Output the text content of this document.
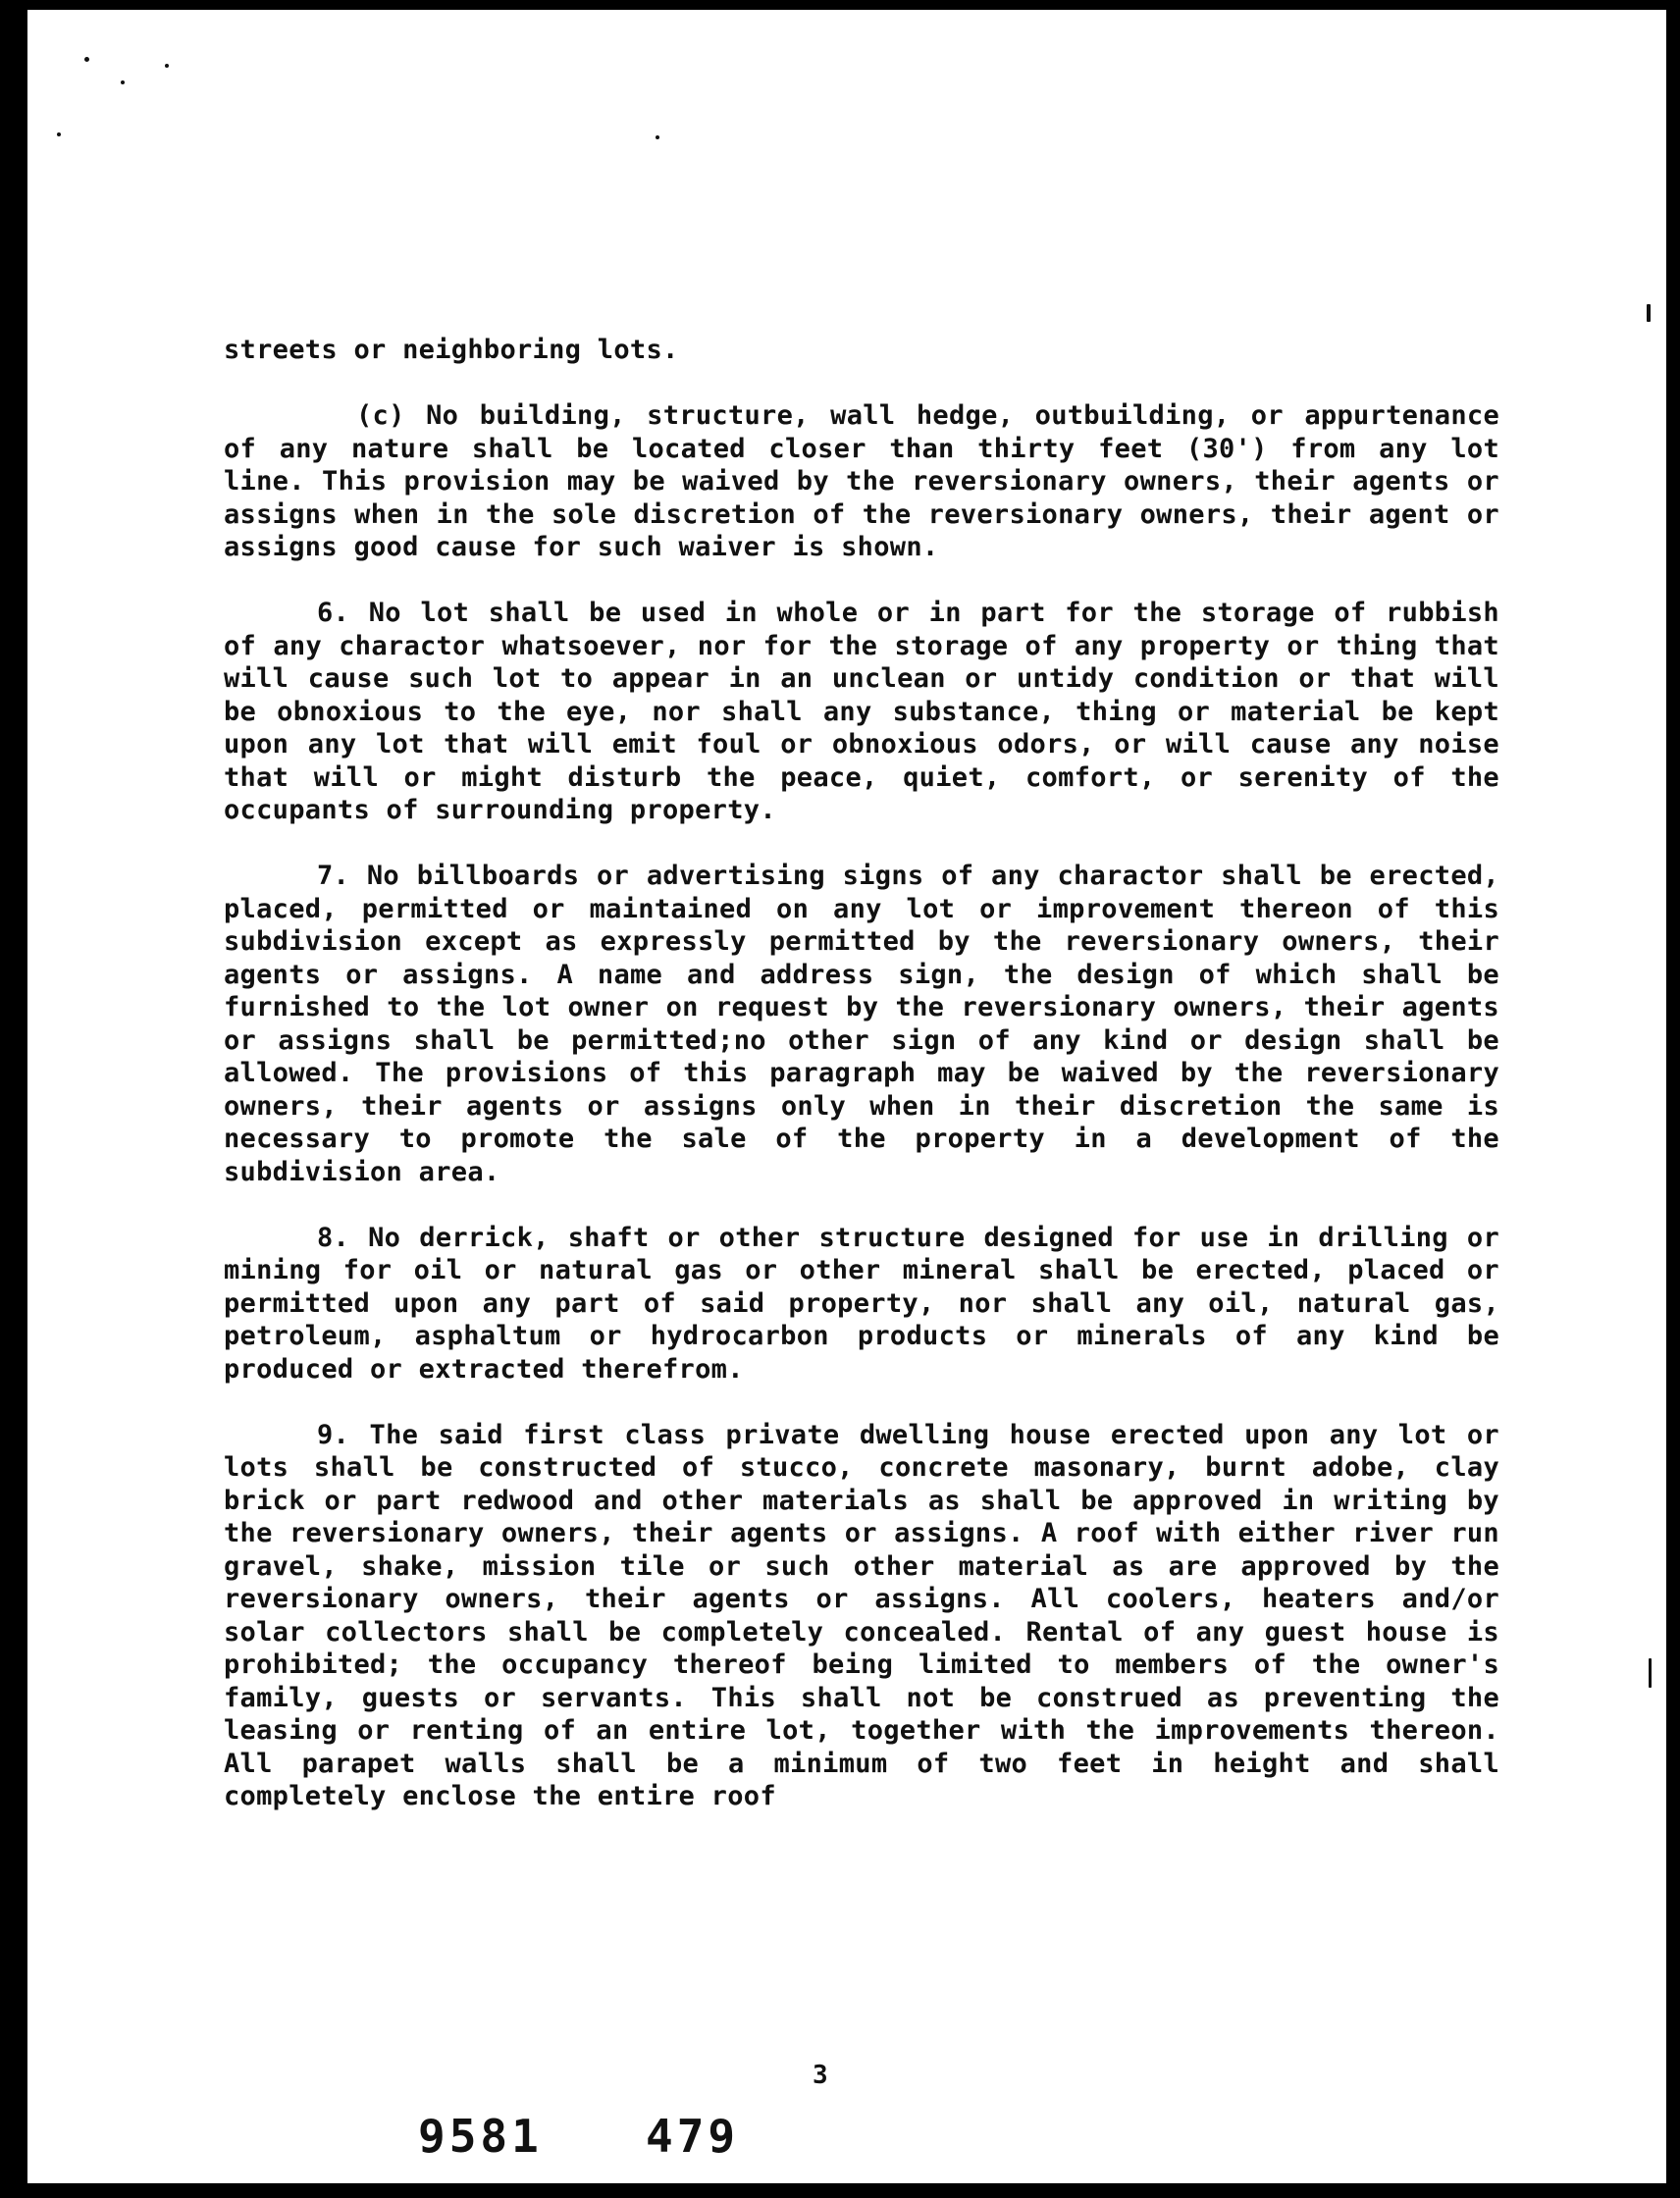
streets or neighboring lots.

(c) No building, structure, wall hedge, outbuilding, or appurtenance of any nature shall be located closer than thirty feet (30') from any lot line. This provision may be waived by the reversionary owners, their agents or assigns when in the sole discretion of the reversionary owners, their agent or assigns good cause for such waiver is shown.

6. No lot shall be used in whole or in part for the storage of rubbish of any charactor whatsoever, nor for the storage of any property or thing that will cause such lot to appear in an unclean or untidy condition or that will be obnoxious to the eye, nor shall any substance, thing or material be kept upon any lot that will emit foul or obnoxious odors, or will cause any noise that will or might disturb the peace, quiet, comfort, or serenity of the occupants of surrounding property.

7. No billboards or advertising signs of any charactor shall be erected, placed, permitted or maintained on any lot or improvement thereon of this subdivision except as expressly permitted by the reversionary owners, their agents or assigns. A name and address sign, the design of which shall be furnished to the lot owner on request by the reversionary owners, their agents or assigns shall be permitted;no other sign of any kind or design shall be allowed. The provisions of this paragraph may be waived by the reversionary owners, their agents or assigns only when in their discretion the same is necessary to promote the sale of the property in a development of the subdivision area.

8. No derrick, shaft or other structure designed for use in drilling or mining for oil or natural gas or other mineral shall be erected, placed or permitted upon any part of said property, nor shall any oil, natural gas, petroleum, asphaltum or hydrocarbon products or minerals of any kind be produced or extracted therefrom.

9. The said first class private dwelling house erected upon any lot or lots shall be constructed of stucco, concrete masonary, burnt adobe, clay brick or part redwood and other materials as shall be approved in writing by the reversionary owners, their agents or assigns. A roof with either river run gravel, shake, mission tile or such other material as are approved by the reversionary owners, their agents or assigns. All coolers, heaters and/or solar collectors shall be completely concealed. Rental of any guest house is prohibited; the occupancy thereof being limited to members of the owner's family, guests or servants. This shall not be construed as preventing the leasing or renting of an entire lot, together with the improvements thereon. All parapet walls shall be a minimum of two feet in height and shall completely enclose the entire roof

3
9581 479
